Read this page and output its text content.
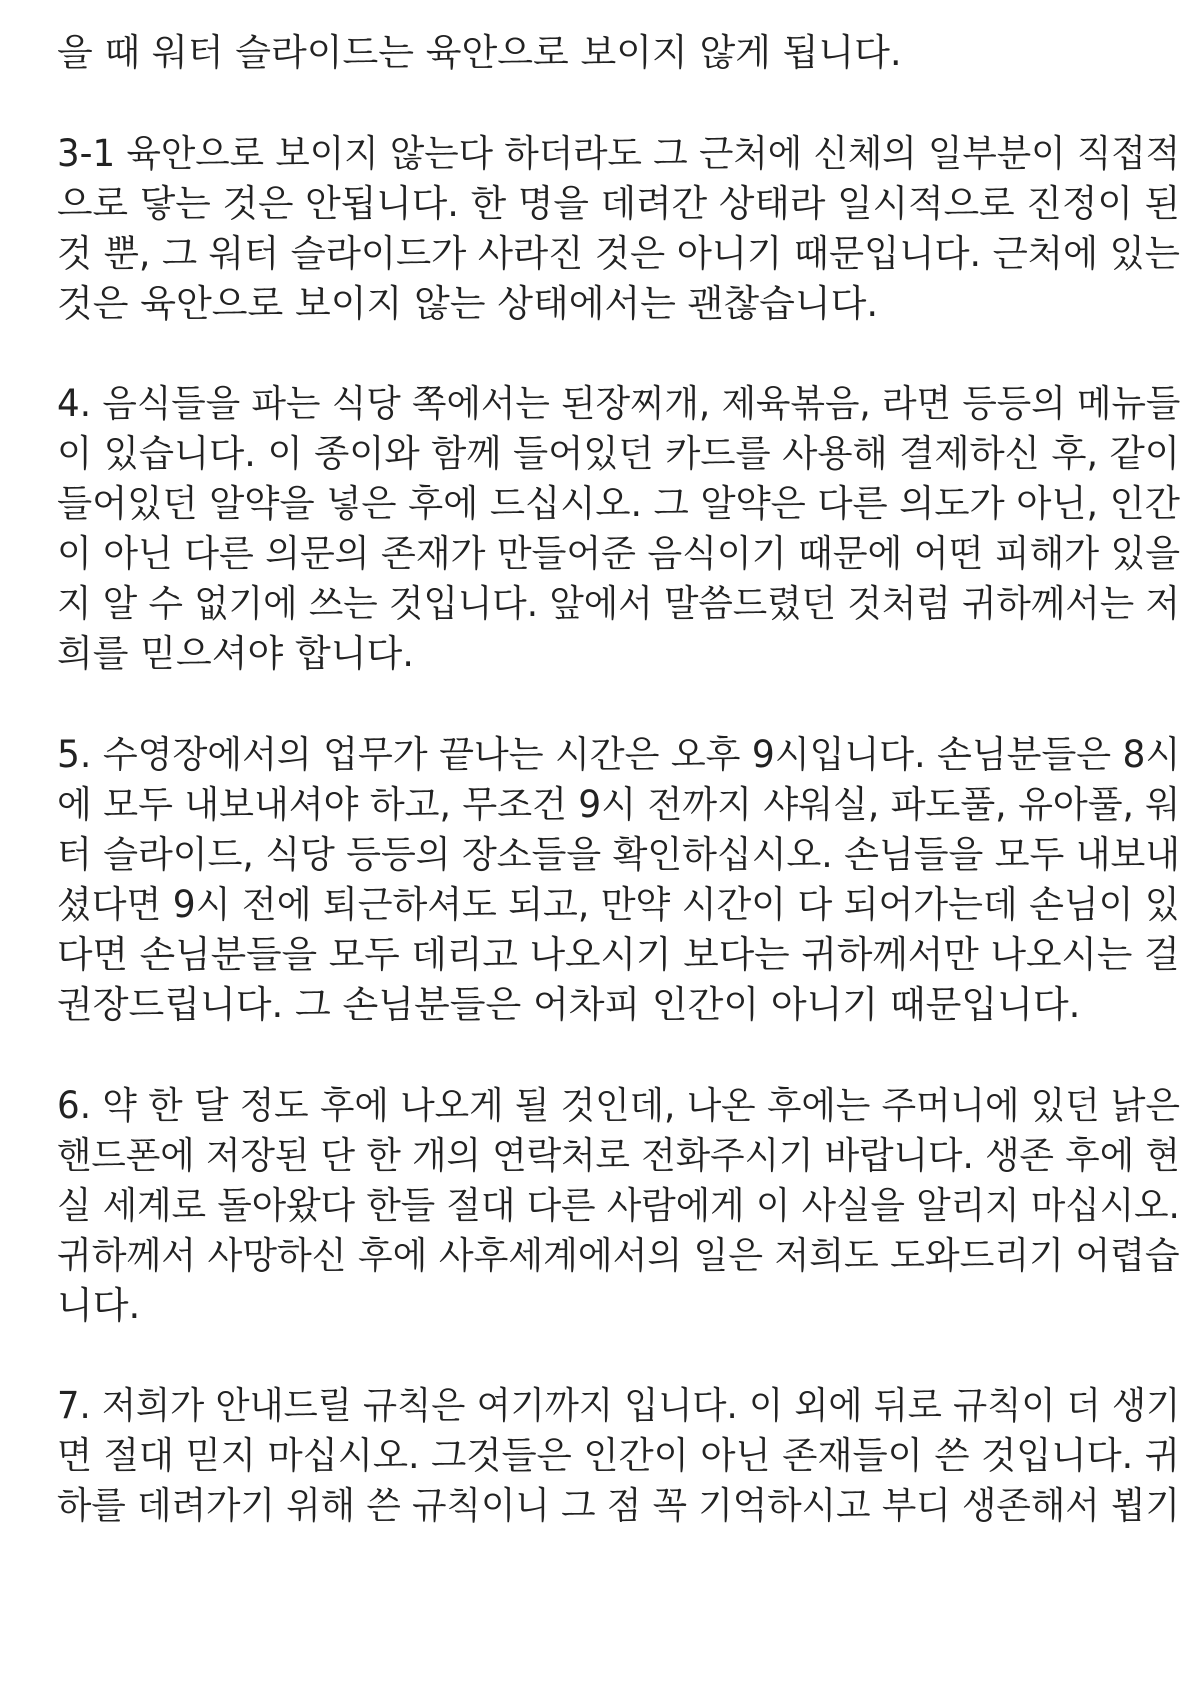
을 때 워터 슬라이드는 육안으로 보이지 않게 됩니다.
3-1 육안으로 보이지 않는다 하더라도 그 근처에 신체의 일부분이 직접적
으로 닿는 것은 안됩니다. 한 명을 데려간 상태라 일시적으로 진정이 된
것 뿐, 그 워터 슬라이드가 사라진 것은 아니기 때문입니다. 근처에 있는
것은 육안으로 보이지 않는 상태에서는 괜찮습니다.
4. 음식들을 파는 식당 쪽에서는 된장찌개, 제육볶음, 라면 등등의 메뉴들
이 있습니다. 이 종이와 함께 들어있던 카드를 사용해 결제하신 후, 같이
들어있던 알약을 넣은 후에 드십시오. 그 알약은 다른 의도가 아닌, 인간
이 아닌 다른 의문의 존재가 만들어준 음식이기 때문에 어떤 피해가 있을
지 알 수 없기에 쓰는 것입니다. 앞에서 말씀드렸던 것처럼 귀하께서는 저
희를 믿으셔야 합니다.
5. 수영장에서의 업무가 끝나는 시간은 오후 9시입니다. 손님분들은 8시
에 모두 내보내셔야 하고, 무조건 9시 전까지 샤워실, 파도풀, 유아풀, 워
터 슬라이드, 식당 등등의 장소들을 확인하십시오. 손님들을 모두 내보내
셨다면 9시 전에 퇴근하셔도 되고, 만약 시간이 다 되어가는데 손님이 있
다면 손님분들을 모두 데리고 나오시기 보다는 귀하께서만 나오시는 걸
권장드립니다. 그 손님분들은 어차피 인간이 아니기 때문입니다.
6. 약 한 달 정도 후에 나오게 될 것인데, 나온 후에는 주머니에 있던 낡은
핸드폰에 저장된 단 한 개의 연락처로 전화주시기 바랍니다. 생존 후에 현
실 세계로 돌아왔다 한들 절대 다른 사람에게 이 사실을 알리지 마십시오.
귀하께서 사망하신 후에 사후세계에서의 일은 저희도 도와드리기 어렵습
니다.
7. 저희가 안내드릴 규칙은 여기까지 입니다. 이 외에 뒤로 규칙이 더 생기
면 절대 믿지 마십시오. 그것들은 인간이 아닌 존재들이 쓴 것입니다. 귀
하를 데려가기 위해 쓴 규칙이니 그 점 꼭 기억하시고 부디 생존해서 뵙기
